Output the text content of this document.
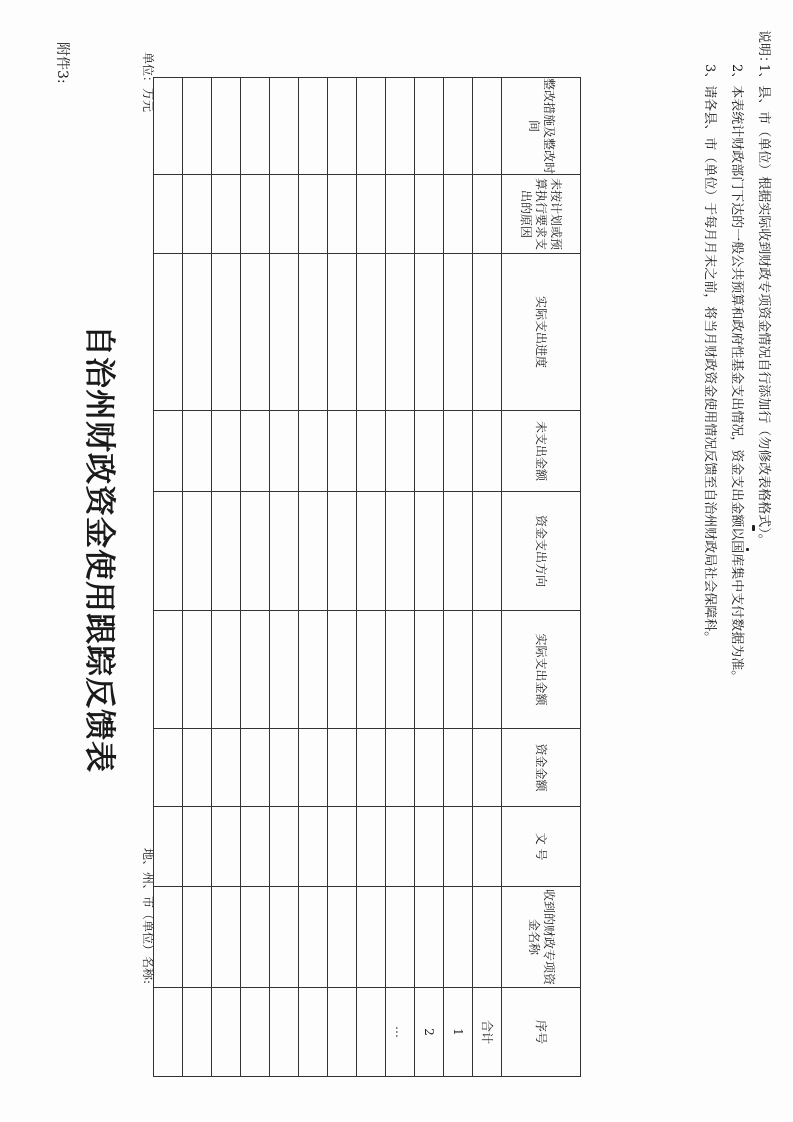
附件3:
自治州财政资金使用跟踪反馈表
单位：万元
地、州、市（单位）名称:
整改措施及整改时间	未按计划或预算执行要求支出的原因	实际支出进度	未支出金额	资金支出方向	实际支出金额	资金金额	文 号	收到的财政专项资金名称	序号
									合计
									1
									2
									…

说明：1、县、市（单位）根据实际收到财政专项资金情况自行添加行（勿修改表格格式）。
2、本表统计财政部门下达的一般公共预算和政府性基金支出情况，资金支出金额以国库集中支付数据为准。
3、请各县、市（单位）于每月月末之前，将当月财政资金使用情况反馈至自治州财政局社会保障科。
